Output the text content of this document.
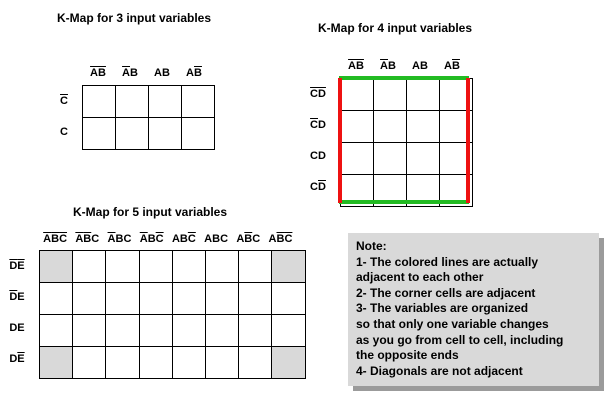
K-Map for 3 input variables
$\overline{A}\overline{B}$	$\overline{A}B$	AB	$A\overline{B}$
$\overline{C}$
C

K-Map for 4 input variables
$\overline{A}\overline{B}$	$\overline{A}B$	AB	$A\overline{B}$
$\overline{C}\overline{D}$
$\overline{C}D$
CD
$C\overline{D}$

K-Map for 5 input variables
$\overline{A}\overline{B}\overline{C}$ $\overline{A}\overline{B}C$ $\overline{A}BC$ $\overline{A}B\overline{C}$ $AB\overline{C}$ ABC $A\overline{B}C$ $A\overline{B}\overline{C}$
$\overline{D}\overline{E}$
$\overline{D}E$
DE
$D\overline{E}$

Note:
1- The colored lines are actually
adjacent to each other
2- The corner cells are adjacent
3- The variables are organized
so that only one variable changes
as you go from cell to cell, including
the opposite ends
4- Diagonals are not adjacent
